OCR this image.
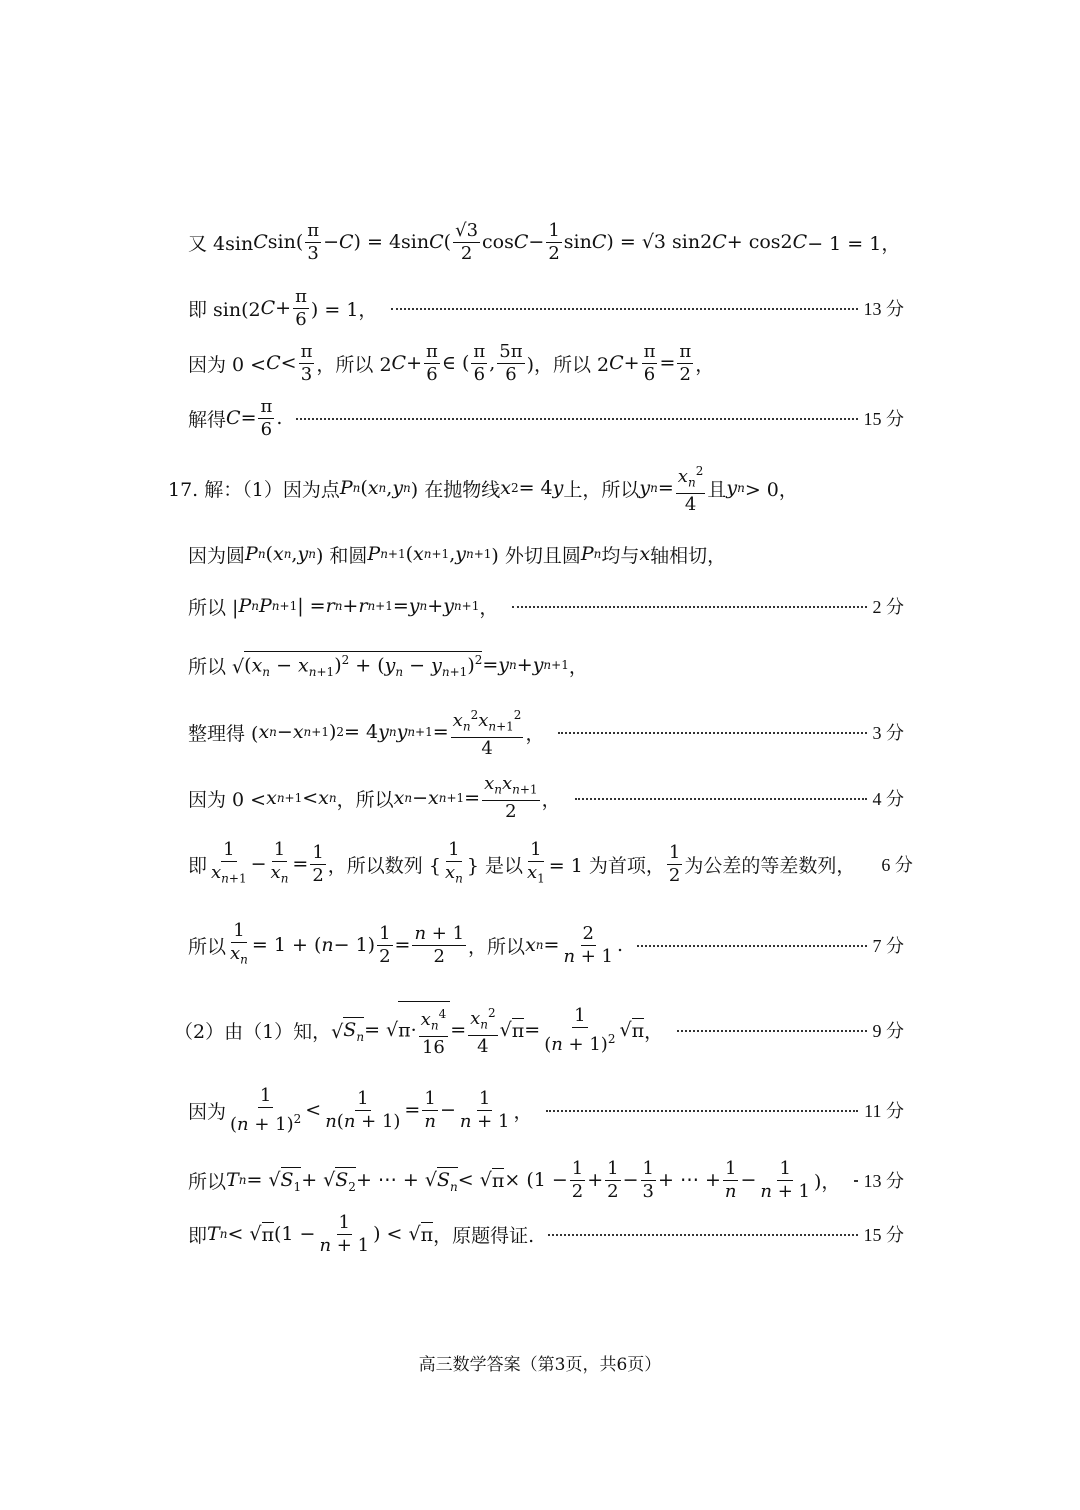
又 4sin C $\sin( \frac{\pi}{3} - C$ ) = 4sin C ( $\frac{√3}{2}$ $\cos C - \frac{1}{2}$ sin C ) = √3 sin2 C + cos2 C − 1 = 1，
即 sin(2 $C + \frac{\pi}{6}$ ) = 1，	13 分
因为 $0 < C < \frac{\pi}{3}$ ，所以 2 $C + \frac{\pi}{6}$ ∈ ( $\frac{\pi}{6}$ , $\frac{5\pi}{6}$ )，所以 2 $C + \frac{\pi}{6} = \frac{\pi}{2}$ ，
解得 $C = \frac{\pi}{6}$ .	15 分
17. 解：（1）因为点 P n ( x n , y n ) 在抛物线 x 2 = 4 y 上，所以 y $n = \frac{x_n^2}{4}$ 且 y n > 0，
因为圆 P n ( x n , y n ) 和圆 P n+1 ( x n+1 , y n+1 ) 外切且圆 P n 均与 x 轴相切，
所以 | P n P n+1 | = r n + r n+1 = y n + y n+1 ，	2 分
所以 √ $(x_n - x_{n+1})^2 + (y_n - y_{n+1})^2 = y$ n + y n+1 ，
整理得 ( x n − x n+1 ) 2 = 4 y n y $n+1 = \frac{x_n^2x_{n+1}^2}{4}$ ，	3 分
因为 0 < x n+1 < x n ，所以 x n − x $n+1 = \frac{x_nx_{n+1}}{2}$ ，	4 分
即 $\frac{1}{x_{n+1}} - \frac{1}{x_n} = \frac{1}{2}$ ，所以数列 { $\frac{1}{x_n}$ } 是以 $\frac{1}{x_1} = 1$ 为首项， $\frac{1}{2}$ 为公差的等差数列， 6 分
所以 $\frac{1}{x_n} = 1$ + ( $n - 1) \frac{1}{2} = \frac{n + 1}{2}$ ，所以 x $n = \frac{2}{n + 1}$ .	7 分
（2）由（1）知，√ $S_n$ = √ $\pi\cdot \frac{x_n^4}{16} = \frac{x_n^2}{4}$ √ $\pi = \frac{1}{(n + 1)^2}$ √ π ，	9 分
因为 $\frac{1}{(n + 1)^2} < \frac{1}{n(n + 1)} = \frac{1}{n} - \frac{1}{n + 1}$ ，	11 分
所以 T n = √ $S_1$ + √ $S_2$ + ⋯ + √ $S_n$ < √ $\pi \times (1 - \frac{1}{2} + \frac{1}{2} - \frac{1}{3}$ + ⋯ + $\frac{1}{n} - \frac{1}{n + 1}$ )， 13 分
即 T n < √ π ($1 - \frac{1}{n + 1}$ ) < √ π ，原题得证.	15 分
高三数学答案（第3页，共6页）
